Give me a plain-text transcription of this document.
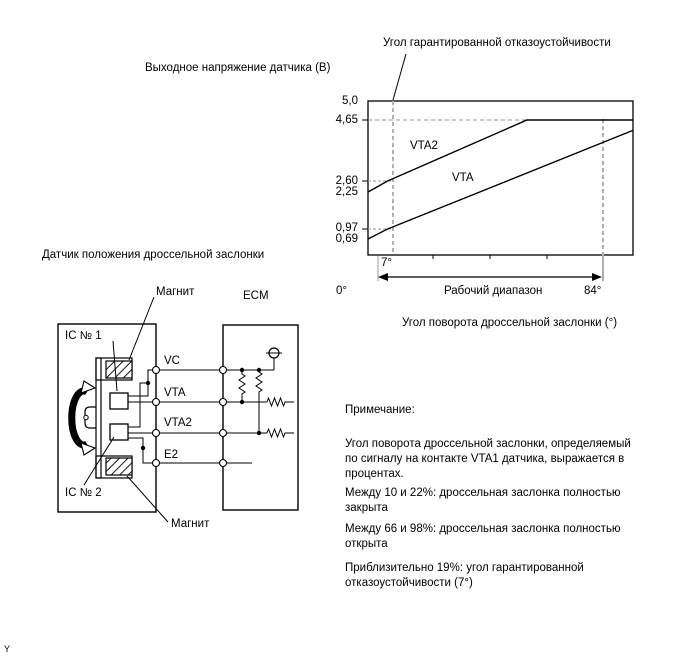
Угол гарантированной отказоустойчивости
Выходное напряжение датчика (В)
5,0
4,65
2,60
2,25
0,97
0,69
VTA2
VTA
7°
0°	Рабочий диапазон	84°
Угол поворота дроссельной заслонки (°)
Датчик положения дроссельной заслонки
Магнит	ECM
IC № 1
IC № 2
VC
VTA
VTA2
E2
Магнит
Примечание:
Угол поворота дроссельной заслонки, определяемый
по сигналу на контакте VTA1 датчика, выражается в
процентах.
Между 10 и 22%: дроссельная заслонка полностью
закрыта
Между 66 и 98%: дроссельная заслонка полностью
открыта
Приблизительно 19%: угол гарантированной
отказоустойчивости (7°)
Y
